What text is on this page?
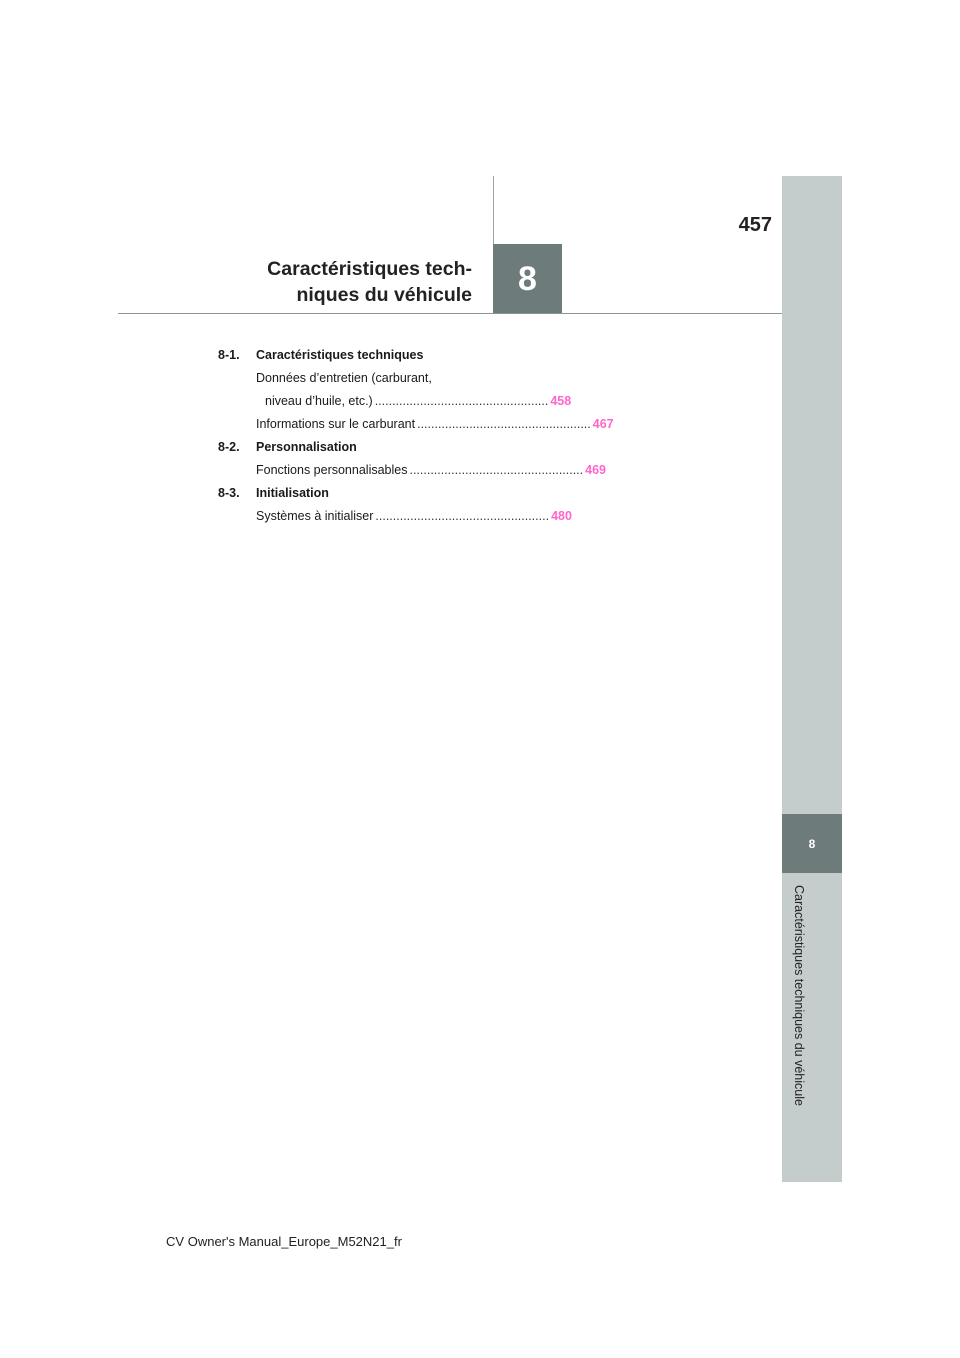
8
Caractéristiques techniques du véhicule
457
8
Caractéristiques tech-
niques du véhicule
8-1.	Caractéristiques techniques
Données d’entretien (carburant,
niveau d’huile, etc.) .................................................. 458
Informations sur le carburant .................................................. 467
8-2.	Personnalisation
Fonctions personnalisables .................................................. 469
8-3.	Initialisation
Systèmes à initialiser .................................................. 480
CV Owner's Manual_Europe_M52N21_fr
